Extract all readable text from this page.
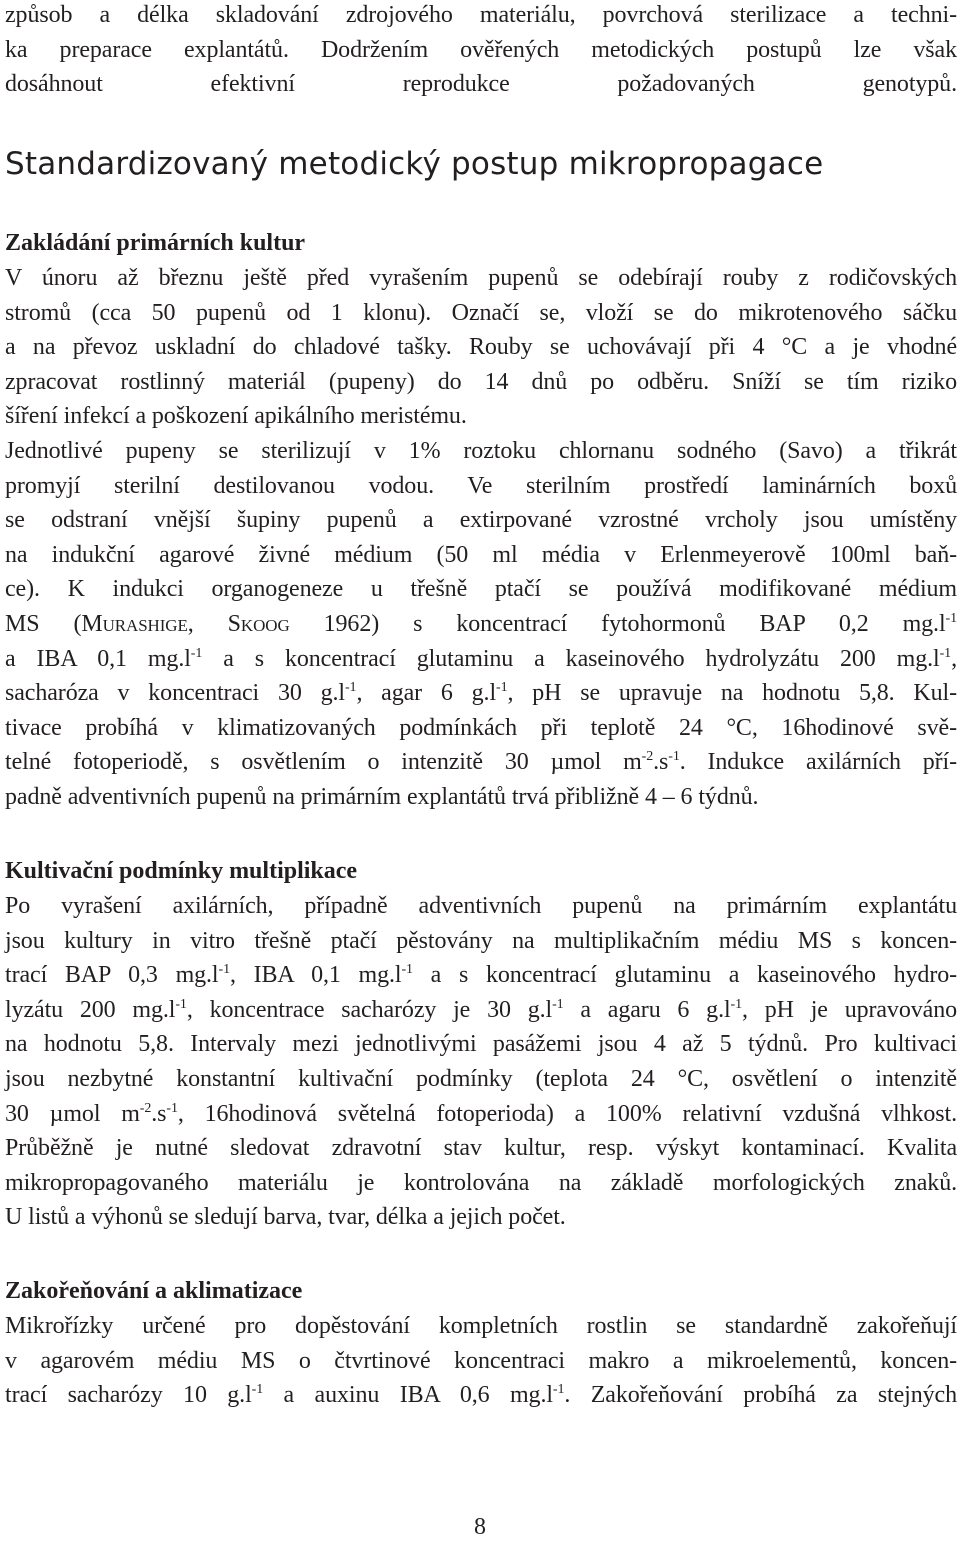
způsob a délka skladování zdrojového materiálu, povrchová sterilizace a techni-
ka preparace explantátů. Dodržením ověřených metodických postupů lze však
dosáhnout efektivní reprodukce požadovaných genotypů.
Standardizovaný metodický postup mikropropagace
Zakládání primárních kultur
V únoru až březnu ještě před vyrašením pupenů se odebírají rouby z rodičovských
stromů (cca 50 pupenů od 1 klonu). Označí se, vloží se do mikrotenového sáčku
a na převoz uskladní do chladové tašky. Rouby se uchovávají při 4 °C a je vhodné
zpracovat rostlinný materiál (pupeny) do 14 dnů po odběru. Sníží se tím riziko
šíření infekcí a poškození apikálního meristému.
Jednotlivé pupeny se sterilizují v 1% roztoku chlornanu sodného (Savo) a třikrát
promyjí sterilní destilovanou vodou. Ve sterilním prostředí laminárních boxů
se odstraní vnější šupiny pupenů a extirpované vzrostné vrcholy jsou umístěny
na indukční agarové živné médium (50 ml média v Erlenmeyerově 100ml baň-
ce). K indukci organogeneze u třešně ptačí se používá modifikované médium
MS (Murashige, Skoog 1962) s koncentrací fytohormonů BAP 0,2 $mg.l^{-1}$
a IBA 0,1 $mg.l^{-1}$ a s koncentrací glutaminu a kaseinového hydrolyzátu 200 $mg.l^{-1}$,
sacharóza v koncentraci 30 $g.l^{-1}$, agar 6 $g.l^{-1}$, pH se upravuje na hodnotu 5,8. Kul-
tivace probíhá v klimatizovaných podmínkách při teplotě 24 °C, 16hodinové svě-
telné fotoperiodě, s osvětlením o intenzitě 30 µmol $m^{-2}.s^{-1}$. Indukce axilárních pří-
padně adventivních pupenů na primárním explantátů trvá přibližně 4 – 6 týdnů.
Kultivační podmínky multiplikace
Po vyrašení axilárních, případně adventivních pupenů na primárním explantátu
jsou kultury in vitro třešně ptačí pěstovány na multiplikačním médiu MS s koncen-
trací BAP 0,3 $mg.l^{-1}$, IBA 0,1 $mg.l^{-1}$ a s koncentrací glutaminu a kaseinového hydro-
lyzátu 200 $mg.l^{-1}$, koncentrace sacharózy je 30 $g.l^{-1}$ a agaru 6 $g.l^{-1}$, pH je upravováno
na hodnotu 5,8. Intervaly mezi jednotlivými pasážemi jsou 4 až 5 týdnů. Pro kultivaci
jsou nezbytné konstantní kultivační podmínky (teplota 24 °C, osvětlení o intenzitě
30 µmol $m^{-2}.s^{-1}$, 16hodinová světelná fotoperioda) a 100% relativní vzdušná vlhkost.
Průběžně je nutné sledovat zdravotní stav kultur, resp. výskyt kontaminací. Kvalita
mikropropagovaného materiálu je kontrolována na základě morfologických znaků.
U listů a výhonů se sledují barva, tvar, délka a jejich počet.
Zakořeňování a aklimatizace
Mikrořízky určené pro dopěstování kompletních rostlin se standardně zakořeňují
v agarovém médiu MS o čtvrtinové koncentraci makro a mikroelementů, koncen-
trací sacharózy 10 $g.l^{-1}$ a auxinu IBA 0,6 $mg.l^{-1}$. Zakořeňování probíhá za stejných
8
